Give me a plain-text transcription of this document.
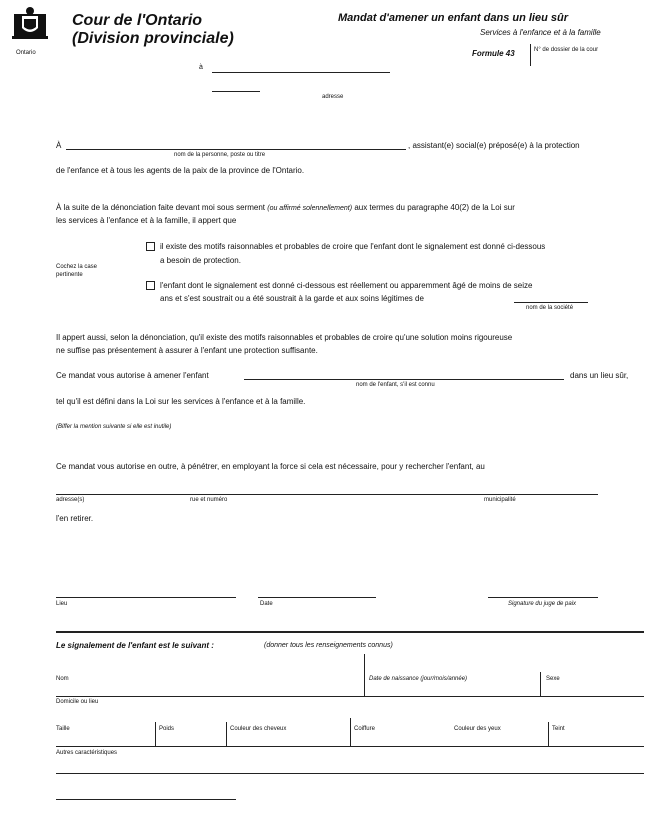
Ontario
Cour de l'Ontario
(Division provinciale)
Mandat d'amener un enfant dans un lieu sûr
Services à l'enfance et à la famille
Formule 43	N° de dossier de la cour
à
adresse
À	, assistant(e) social(e) préposé(e) à la protection
nom de la personne, poste ou titre
de l'enfance et à tous les agents de la paix de la province de l'Ontario.
À la suite de la dénonciation faite devant moi sous serment (ou affirmé solennellement) aux termes du paragraphe 40(2) de la Loi sur
les services à l'enfance et à la famille, il appert que
Cochez la case
pertinente
il existe des motifs raisonnables et probables de croire que l'enfant dont le signalement est donné ci-dessous
a besoin de protection.
l'enfant dont le signalement est donné ci-dessous est réellement ou apparemment âgé de moins de seize
ans et s'est soustrait ou a été soustrait à la garde et aux soins légitimes de
nom de la société
Il appert aussi, selon la dénonciation, qu'il existe des motifs raisonnables et probables de croire qu'une solution moins rigoureuse
ne suffise pas présentement à assurer à l'enfant une protection suffisante.
Ce mandat vous autorise à amener l'enfant	dans un lieu sûr,
nom de l'enfant, s'il est connu
tel qu'il est défini dans la Loi sur les services à l'enfance et à la famille.
(Biffer la mention suivante si elle est inutile)
Ce mandat vous autorise en outre, à pénétrer, en employant la force si cela est nécessaire, pour y rechercher l'enfant, au
adresse(s)	rue et numéro	municipalité
l'en retirer.
Lieu	Date	Signature du juge de paix
Le signalement de l'enfant est le suivant :	(donner tous les renseignements connus)
Nom	Date de naissance (jour/mois/année)	Sexe
Domicile ou lieu
Taille	Poids	Couleur des cheveux	Coiffure	Couleur des yeux	Teint
Autres caractéristiques
